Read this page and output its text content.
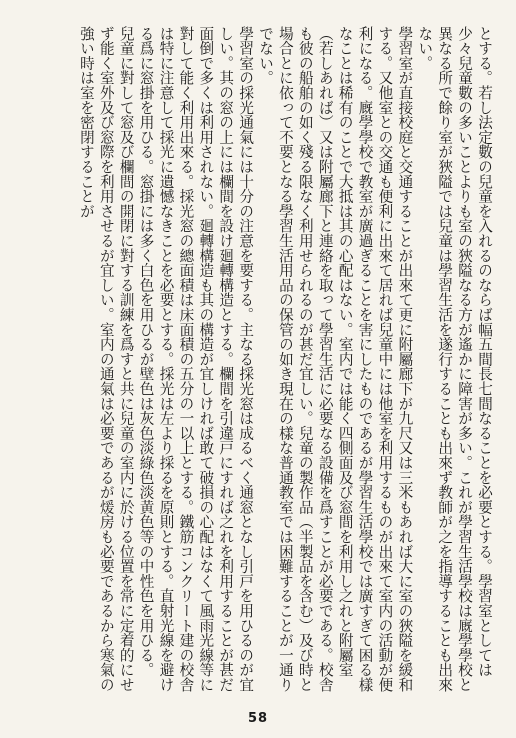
とする。若し法定數の兒童を入れるのならば幅五間長七間なることを必要とする。學習室としては少々兒童數の多いことよりも室の狹隘なる方が遙かに障害が多い。これが學習生活學校は廐學學校と異なる所で餘り室が狹隘では兒童は學習生活を遂行することも出來ず教師が之を指導することも出來ない。

學習室が直接校庭と交通することが出來て更に附屬廊下が九尺又は三米もあれば大に室の狹隘を緩和する。又他室との交通も便利に出來て居れば兒童中には他室を利用するものが出來て室内の活動が便利になる。廐學學校で教室が廣過ぎることを害にしたものであるが學習生活學校では廣すぎて困る樣なことは稀有のことで大抵は其の心配はない。室内では能く四側面及び窓間を利用し之れと附屬室（若しあれば）又は附屬廊下と連絡を取って學習生活に必要なる設備を爲すことが必要である。校舎も彼の船舶の如く殘る限なく利用せられるのが甚だ宜しい。兒童の製作品（半製品を含む）及び時と場合とに依って不要となる學習生活用品の保管の如き現在の樣な普通教室では困難することが一通りでない。

學習室の採光通氣には十分の注意を要する。主なる採光窓は成るべく通窓となし引戸を用ひるのが宜しい。其の窓の上には欄間を設け廻轉構造とする。欄間を引違戸にすれば之れを利用することが甚だ面倒で多くは利用されない。廻轉構造も其の構造が宜しければ敢て破損の心配はなくて風雨光線等に對して能く利用出來る。採光窓の總面積は床面積の五分の一以上とする。鐵筋コンクリート建の校舎は特に注意して採光に遺憾なきことを必要とする。採光は左より採るを原則とする。直射光線を避ける爲に窓掛を用ひる。窓掛には多く白色を用ひるが壁色は灰色淡綠色淡黄色等の中性色を用ひる。

兒童に對して窓及び欄間の開閉に對する訓練を爲すと共に兒童の室内に於ける位置を常に定着的にせず能く室外及び窓際を利用させるが宜しい。室内の通氣は必要であるが煖房も必要であるから寒氣の強い時は室を密閉することが

58
